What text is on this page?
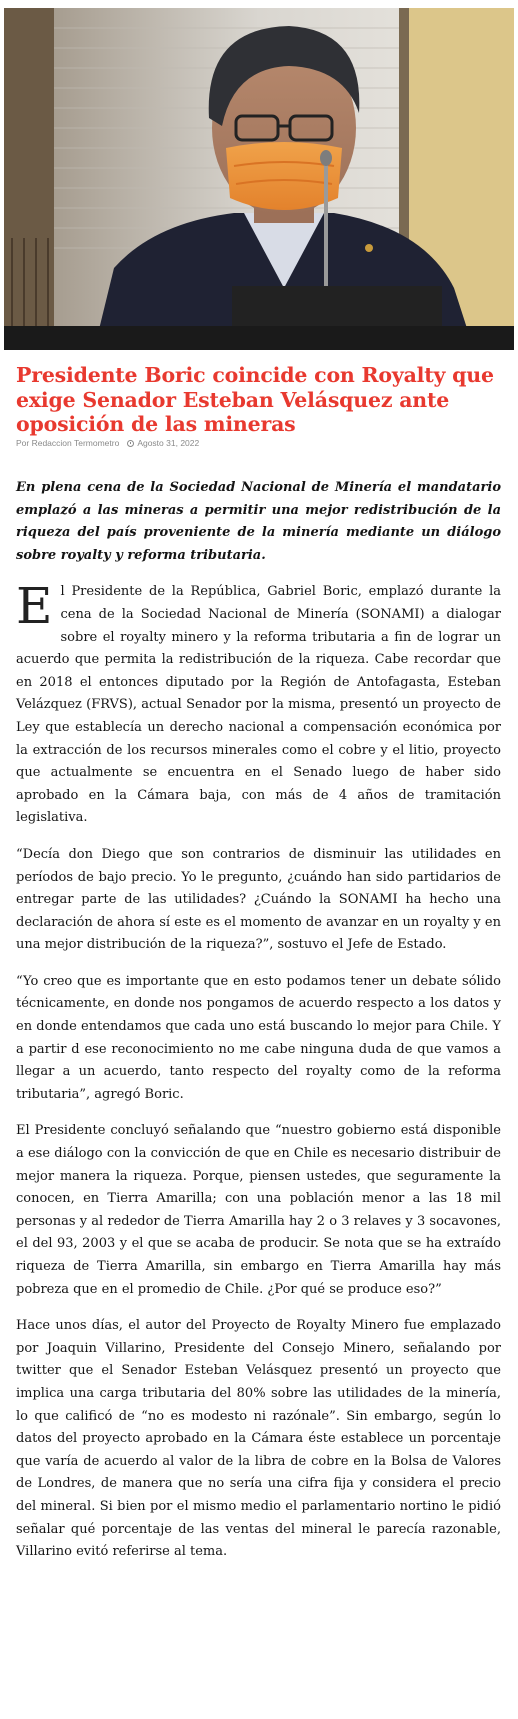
Presidente Boric coincide con Royalty que exige Senador Esteban Velásquez ante oposición de las mineras
Por Redaccion Termometro Agosto 31, 2022

En plena cena de la Sociedad Nacional de Minería el mandatario emplazó a las mineras a permitir una mejor redistribución de la riqueza del país proveniente de la minería mediante un diálogo sobre royalty y reforma tributaria.

El Presidente de la República, Gabriel Boric, emplazó durante la cena de la Sociedad Nacional de Minería (SONAMI) a dialogar sobre el royalty minero y la reforma tributaria a fin de lograr un acuerdo que permita la redistribución de la riqueza. Cabe recordar que en 2018 el entonces diputado por la Región de Antofagasta, Esteban Velázquez (FRVS), actual Senador por la misma, presentó un proyecto de Ley que establecía un derecho nacional a compensación económica por la extracción de los recursos minerales como el cobre y el litio, proyecto que actualmente se encuentra en el Senado luego de haber sido aprobado en la Cámara baja, con más de 4 años de tramitación legislativa.

“Decía don Diego que son contrarios de disminuir las utilidades en períodos de bajo precio. Yo le pregunto, ¿cuándo han sido partidarios de entregar parte de las utilidades? ¿Cuándo la SONAMI ha hecho una declaración de ahora sí este es el momento de avanzar en un royalty y en una mejor distribución de la riqueza?”, sostuvo el Jefe de Estado.

“Yo creo que es importante que en esto podamos tener un debate sólido técnicamente, en donde nos pongamos de acuerdo respecto a los datos y en donde entendamos que cada uno está buscando lo mejor para Chile. Y a partir d ese reconocimiento no me cabe ninguna duda de que vamos a llegar a un acuerdo, tanto respecto del royalty como de la reforma tributaria”, agregó Boric.

El Presidente concluyó señalando que “nuestro gobierno está disponible a ese diálogo con la convicción de que en Chile es necesario distribuir de mejor manera la riqueza. Porque, piensen ustedes, que seguramente la conocen, en Tierra Amarilla; con una población menor a las 18 mil personas y al rededor de Tierra Amarilla hay 2 o 3 relaves y 3 socavones, el del 93, 2003 y el que se acaba de producir. Se nota que se ha extraído riqueza de Tierra Amarilla, sin embargo en Tierra Amarilla hay más pobreza que en el promedio de Chile. ¿Por qué se produce eso?”

Hace unos días, el autor del Proyecto de Royalty Minero fue emplazado por Joaquin Villarino, Presidente del Consejo Minero, señalando por twitter que el Senador Esteban Velásquez presentó un proyecto que implica una carga tributaria del 80% sobre las utilidades de la minería, lo que calificó de “no es modesto ni razónale”. Sin embargo, según lo datos del proyecto aprobado en la Cámara éste establece un porcentaje que varía de acuerdo al valor de la libra de cobre en la Bolsa de Valores de Londres, de manera que no sería una cifra fija y considera el precio del mineral. Si bien por el mismo medio el parlamentario nortino le pidió señalar qué porcentaje de las ventas del mineral le parecía razonable, Villarino evitó referirse al tema.
